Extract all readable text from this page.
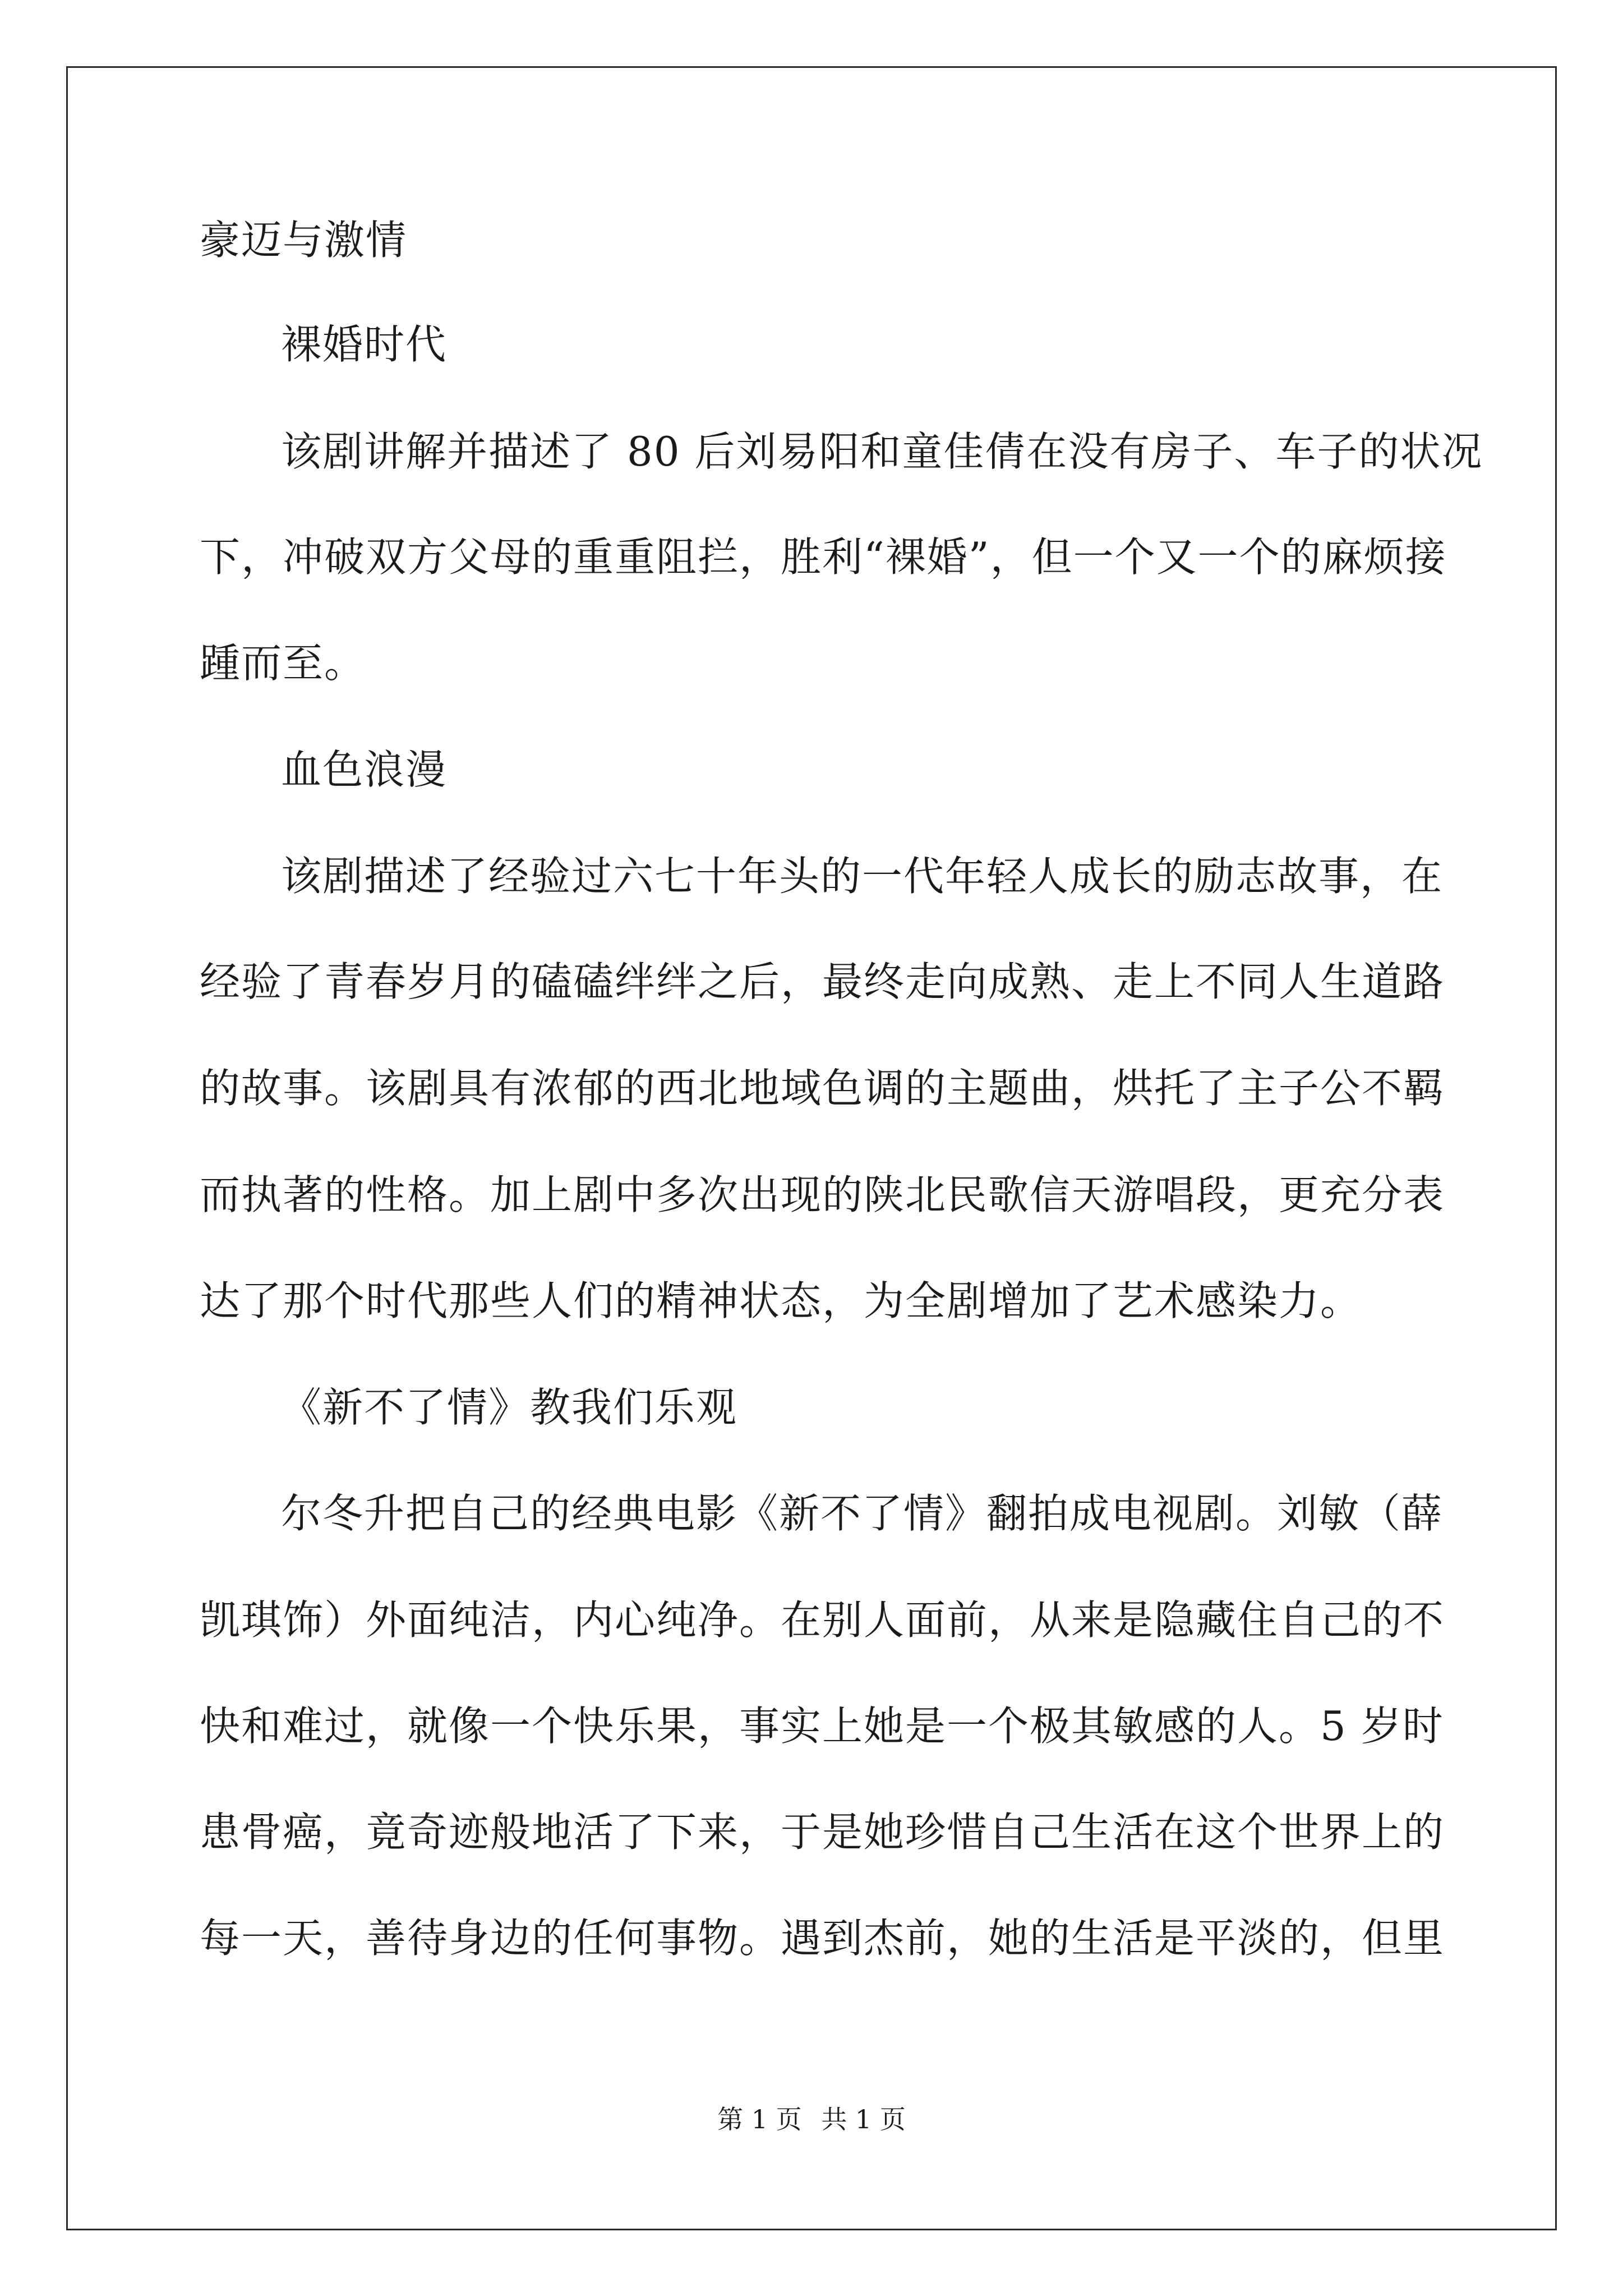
豪迈与激情
裸婚时代
该剧讲解并描述了 80 后刘易阳和童佳倩在没有房子、车子的状况
下，冲破双方父母的重重阻拦，胜利“裸婚”，但一个又一个的麻烦接
踵而至。
血色浪漫
该剧描述了经验过六七十年头的一代年轻人成长的励志故事，在
经验了青春岁月的磕磕绊绊之后，最终走向成熟、走上不同人生道路
的故事。该剧具有浓郁的西北地域色调的主题曲，烘托了主子公不羁
而执著的性格。加上剧中多次出现的陕北民歌信天游唱段，更充分表
达了那个时代那些人们的精神状态，为全剧增加了艺术感染力。
《新不了情》教我们乐观
尔冬升把自己的经典电影《新不了情》翻拍成电视剧。刘敏（薛
凯琪饰）外面纯洁，内心纯净。在别人面前，从来是隐藏住自己的不
快和难过，就像一个快乐果，事实上她是一个极其敏感的人。5 岁时
患骨癌，竟奇迹般地活了下来，于是她珍惜自己生活在这个世界上的
每一天，善待身边的任何事物。遇到杰前，她的生活是平淡的，但里
第 1 页 共 1 页
